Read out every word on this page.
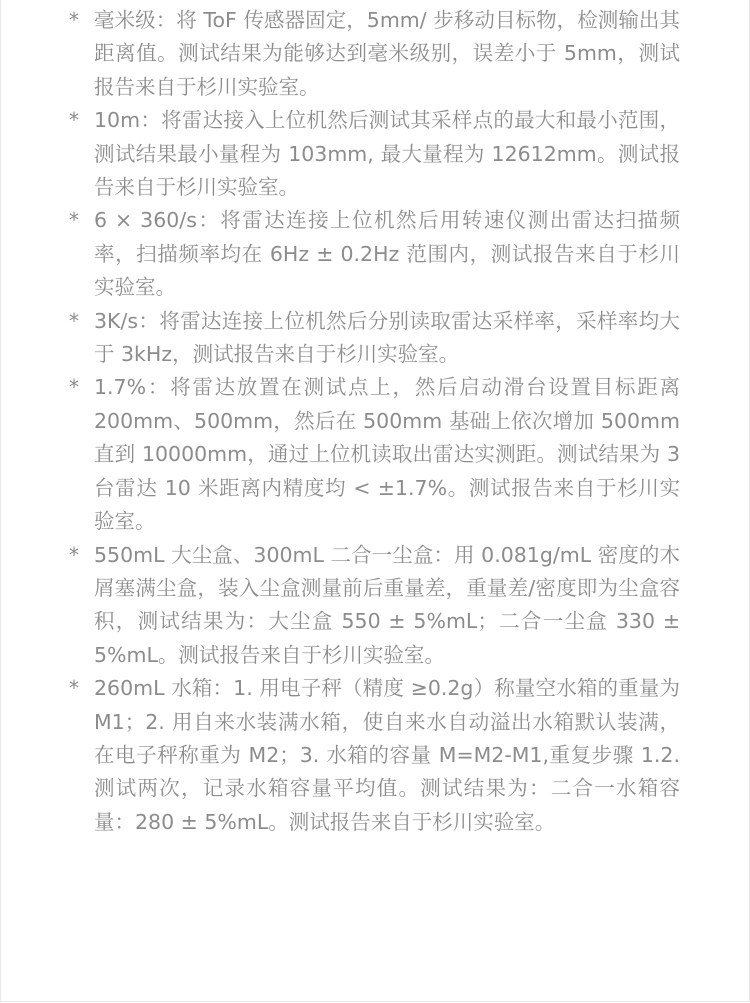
* 毫米级：将 ToF 传感器固定，5mm/ 步移动目标物，检测输出其距离值。测试结果为能够达到毫米级别，误差小于 5mm，测试报告来自于杉川实验室。
* 10m：将雷达接入上位机然后测试其采样点的最大和最小范围，测试结果最小量程为 103mm, 最大量程为 12612mm。测试报告来自于杉川实验室。
* 6 × 360/s：将雷达连接上位机然后用转速仪测出雷达扫描频率，扫描频率均在 6Hz ± 0.2Hz 范围内，测试报告来自于杉川实验室。
* 3K/s：将雷达连接上位机然后分别读取雷达采样率，采样率均大于 3kHz，测试报告来自于杉川实验室。
* 1.7%：将雷达放置在测试点上，然后启动滑台设置目标距离 200mm、500mm，然后在 500mm 基础上依次增加 500mm 直到 10000mm，通过上位机读取出雷达实测距。测试结果为 3 台雷达 10 米距离内精度均 < ±1.7%。测试报告来自于杉川实验室。
* 550mL 大尘盒、300mL 二合一尘盒：用 0.081g/mL 密度的木屑塞满尘盒，装入尘盒测量前后重量差，重量差/密度即为尘盒容积，测试结果为：大尘盒 550 ± 5%mL；二合一尘盒 330 ± 5%mL。测试报告来自于杉川实验室。
* 260mL 水箱：1. 用电子秤（精度 ≥0.2g）称量空水箱的重量为 M1；2. 用自来水装满水箱，使自来水自动溢出水箱默认装满，在电子秤称重为 M2；3. 水箱的容量 M=M2-M1,重复步骤 1.2. 测试两次，记录水箱容量平均值。测试结果为：二合一水箱容量：280 ± 5%mL。测试报告来自于杉川实验室。
